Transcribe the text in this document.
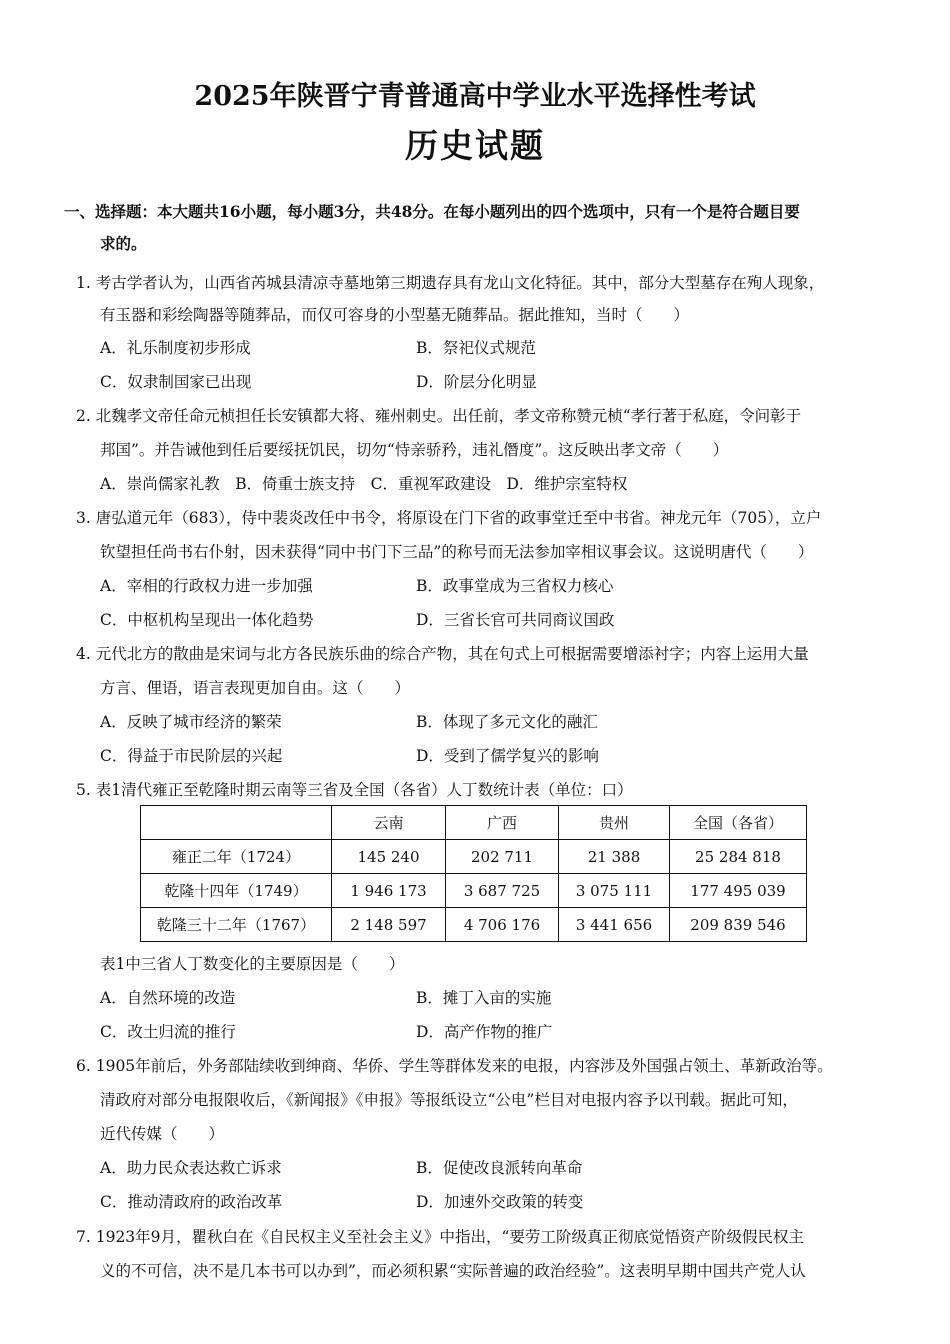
2025年陕晋宁青普通高中学业水平选择性考试
历史试题
一、选择题：本大题共16小题，每小题3分，共48分。在每小题列出的四个选项中，只有一个是符合题目要
求的。
1. 考古学者认为，山西省芮城县清凉寺墓地第三期遗存具有龙山文化特征。其中，部分大型墓存在殉人现象，
有玉器和彩绘陶器等随葬品，而仅可容身的小型墓无随葬品。据此推知，当时（　　）
A．礼乐制度初步形成	B．祭祀仪式规范
C．奴隶制国家已出现	D．阶层分化明显
2. 北魏孝文帝任命元桢担任长安镇都大将、雍州刺史。出任前，孝文帝称赞元桢“孝行著于私庭，令问彰于
邦国”。并告诫他到任后要绥抚饥民，切勿“恃亲骄矜，违礼僭度”。这反映出孝文帝（　　）
A．崇尚儒家礼教　B．倚重士族支持　C．重视军政建设　D．维护宗室特权
3. 唐弘道元年（683），侍中裴炎改任中书令，将原设在门下省的政事堂迁至中书省。神龙元年（705），立户
钦望担任尚书右仆射，因未获得“同中书门下三品”的称号而无法参加宰相议事会议。这说明唐代（　　）
A．宰相的行政权力进一步加强	B．政事堂成为三省权力核心
C．中枢机构呈现出一体化趋势	D．三省长官可共同商议国政
4. 元代北方的散曲是宋词与北方各民族乐曲的综合产物，其在句式上可根据需要增添衬字；内容上运用大量
方言、俚语，语言表现更加自由。这（　　）
A．反映了城市经济的繁荣	B．体现了多元文化的融汇
C．得益于市民阶层的兴起	D．受到了儒学复兴的影响
5. 表1清代雍正至乾隆时期云南等三省及全国（各省）人丁数统计表（单位：口）
	云南	广西	贵州	全国（各省）
雍正二年（1724）	145 240	202 711	21 388	25 284 818
乾隆十四年（1749）	1 946 173	3 687 725	3 075 111	177 495 039
乾隆三十二年（1767）	2 148 597	4 706 176	3 441 656	209 839 546
表1中三省人丁数变化的主要原因是（　　）
A．自然环境的改造	B．摊丁入亩的实施
C．改土归流的推行	D．高产作物的推广
6. 1905年前后，外务部陆续收到绅商、华侨、学生等群体发来的电报，内容涉及外国强占领土、革新政治等。
清政府对部分电报限收后，《新闻报》《申报》等报纸设立“公电”栏目对电报内容予以刊载。据此可知，
近代传媒（　　）
A．助力民众表达救亡诉求	B．促使改良派转向革命
C．推动清政府的政治改革	D．加速外交政策的转变
7. 1923年9月，瞿秋白在《自民权主义至社会主义》中指出，“要劳工阶级真正彻底觉悟资产阶级假民权主
义的不可信，决不是几本书可以办到”，而必须积累“实际普遍的政治经验”。这表明早期中国共产党人认
